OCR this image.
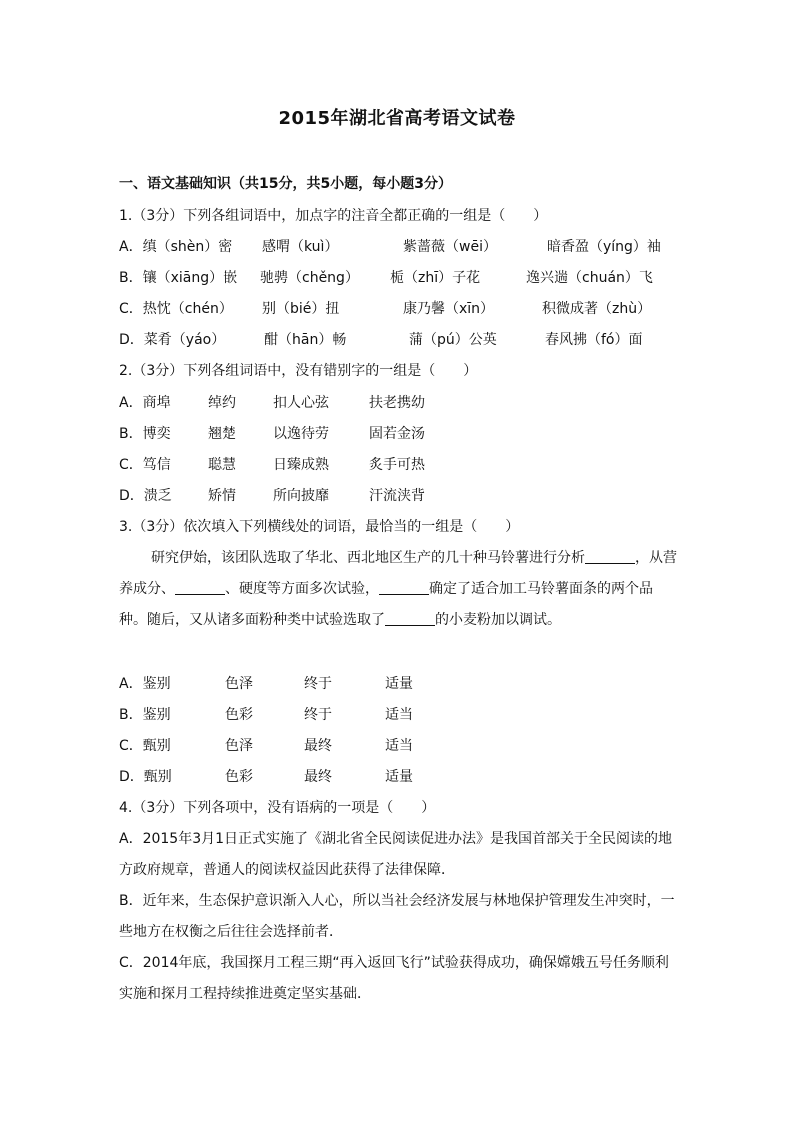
2015年湖北省高考语文试卷
一、语文基础知识（共15分，共5小题，每小题3分）
1.（3分）下列各组词语中，加点字的注音全都正确的一组是（　　）
A．缜（shèn）密 感喟（kuì）	紫蔷薇（wēi）	暗香盈（yíng）袖
B．镶（xiāng）嵌 驰骋（chěng） 栀（zhī）子花	逸兴遄（chuán）飞
C．热忱（chén） 别（bié）扭	康乃馨（xīn）	积微成著（zhù）
D．菜肴（yáo）	酣（hān）畅	蒲（pú）公英	春风拂（fó）面
2.（3分）下列各组词语中，没有错别字的一组是（　　）
A．商埠	绰约	扣人心弦	扶老携幼
B．博奕	翘楚	以逸待劳	固若金汤
C．笃信	聪慧	日臻成熟	炙手可热
D．溃乏	矫情	所向披靡	汗流浃背
3.（3分）依次填入下列横线处的词语，最恰当的一组是（　　）
研究伊始，该团队选取了华北、西北地区生产的几十种马铃薯进行分析	，从营养成分、	、硬度等方面多次试验，	确定了适合加工马铃薯面条的两个品种。随后，又从诸多面粉种类中试验选取了	的小麦粉加以调试。
A．鉴别	色泽	终于	适量
B．鉴别	色彩	终于	适当
C．甄别	色泽	最终	适当
D．甄别	色彩	最终	适量
4.（3分）下列各项中，没有语病的一项是（　　）
A．2015年3月1日正式实施了《湖北省全民阅读促进办法》是我国首部关于全民阅读的地方政府规章，普通人的阅读权益因此获得了法律保障．
B．近年来，生态保护意识渐入人心，所以当社会经济发展与林地保护管理发生冲突时，一些地方在权衡之后往往会选择前者．
C．2014年底，我国探月工程三期“再入返回飞行”试验获得成功，确保嫦娥五号任务顺利实施和探月工程持续推进奠定坚实基础．
